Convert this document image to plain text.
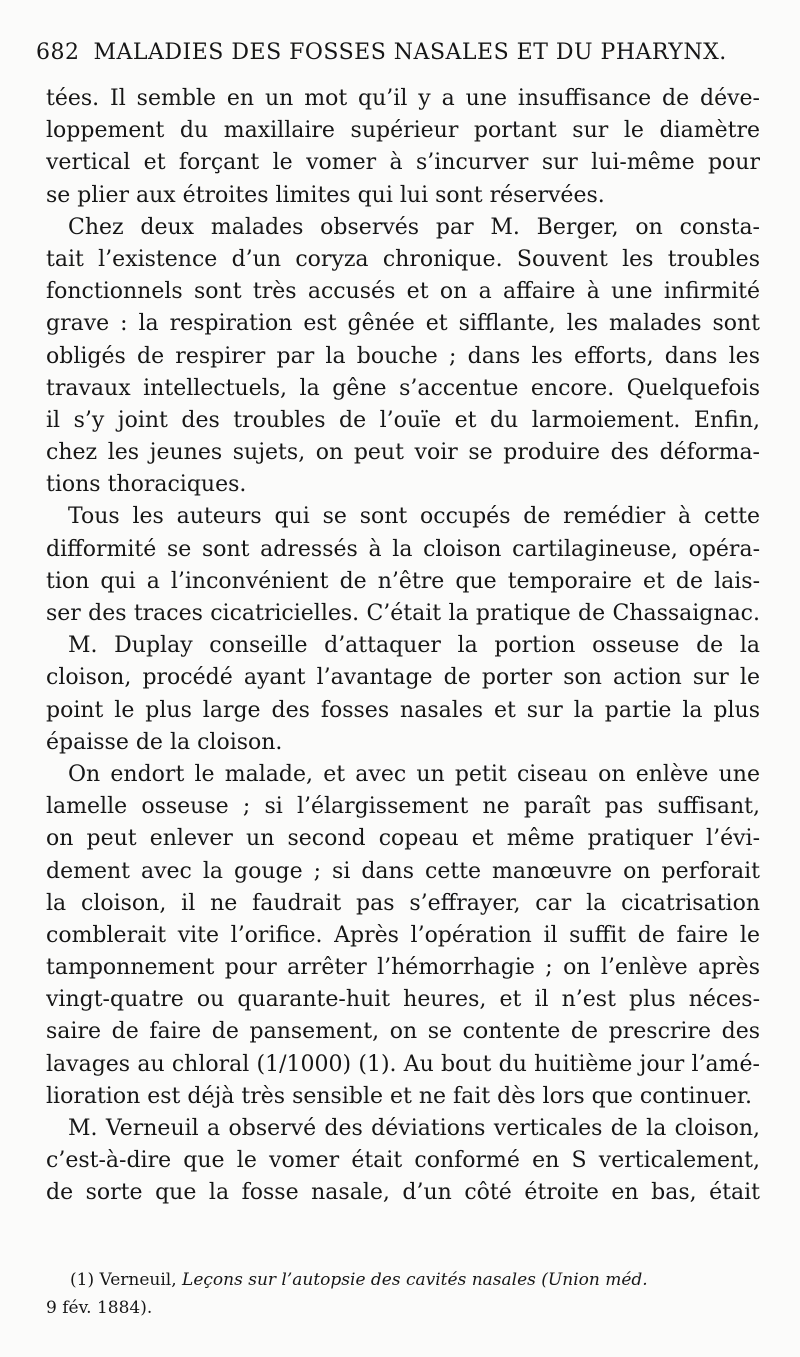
682 MALADIES DES FOSSES NASALES ET DU PHARYNX.
tées. Il semble en un mot qu’il y a une insuffisance de déve-
loppement du maxillaire supérieur portant sur le diamètre
vertical et forçant le vomer à s’incurver sur lui-même pour
se plier aux étroites limites qui lui sont réservées.
Chez deux malades observés par M. Berger, on consta-
tait l’existence d’un coryza chronique. Souvent les troubles
fonctionnels sont très accusés et on a affaire à une infirmité
grave : la respiration est gênée et sifflante, les malades sont
obligés de respirer par la bouche ; dans les efforts, dans les
travaux intellectuels, la gêne s’accentue encore. Quelquefois
il s’y joint des troubles de l’ouïe et du larmoiement. Enfin,
chez les jeunes sujets, on peut voir se produire des déforma-
tions thoraciques.
Tous les auteurs qui se sont occupés de remédier à cette
difformité se sont adressés à la cloison cartilagineuse, opéra-
tion qui a l’inconvénient de n’être que temporaire et de lais-
ser des traces cicatricielles. C’était la pratique de Chassaignac.
M. Duplay conseille d’attaquer la portion osseuse de la
cloison, procédé ayant l’avantage de porter son action sur le
point le plus large des fosses nasales et sur la partie la plus
épaisse de la cloison.
On endort le malade, et avec un petit ciseau on enlève une
lamelle osseuse ; si l’élargissement ne paraît pas suffisant,
on peut enlever un second copeau et même pratiquer l’évi-
dement avec la gouge ; si dans cette manœuvre on perforait
la cloison, il ne faudrait pas s’effrayer, car la cicatrisation
comblerait vite l’orifice. Après l’opération il suffit de faire le
tamponnement pour arrêter l’hémorrhagie ; on l’enlève après
vingt-quatre ou quarante-huit heures, et il n’est plus néces-
saire de faire de pansement, on se contente de prescrire des
lavages au chloral (1/1000) (1). Au bout du huitième jour l’amé-
lioration est déjà très sensible et ne fait dès lors que continuer.
M. Verneuil a observé des déviations verticales de la cloison,
c’est-à-dire que le vomer était conformé en S verticalement,
de sorte que la fosse nasale, d’un côté étroite en bas, était
(1) Verneuil, Leçons sur l’autopsie des cavités nasales (Union méd.
9 fév. 1884).
